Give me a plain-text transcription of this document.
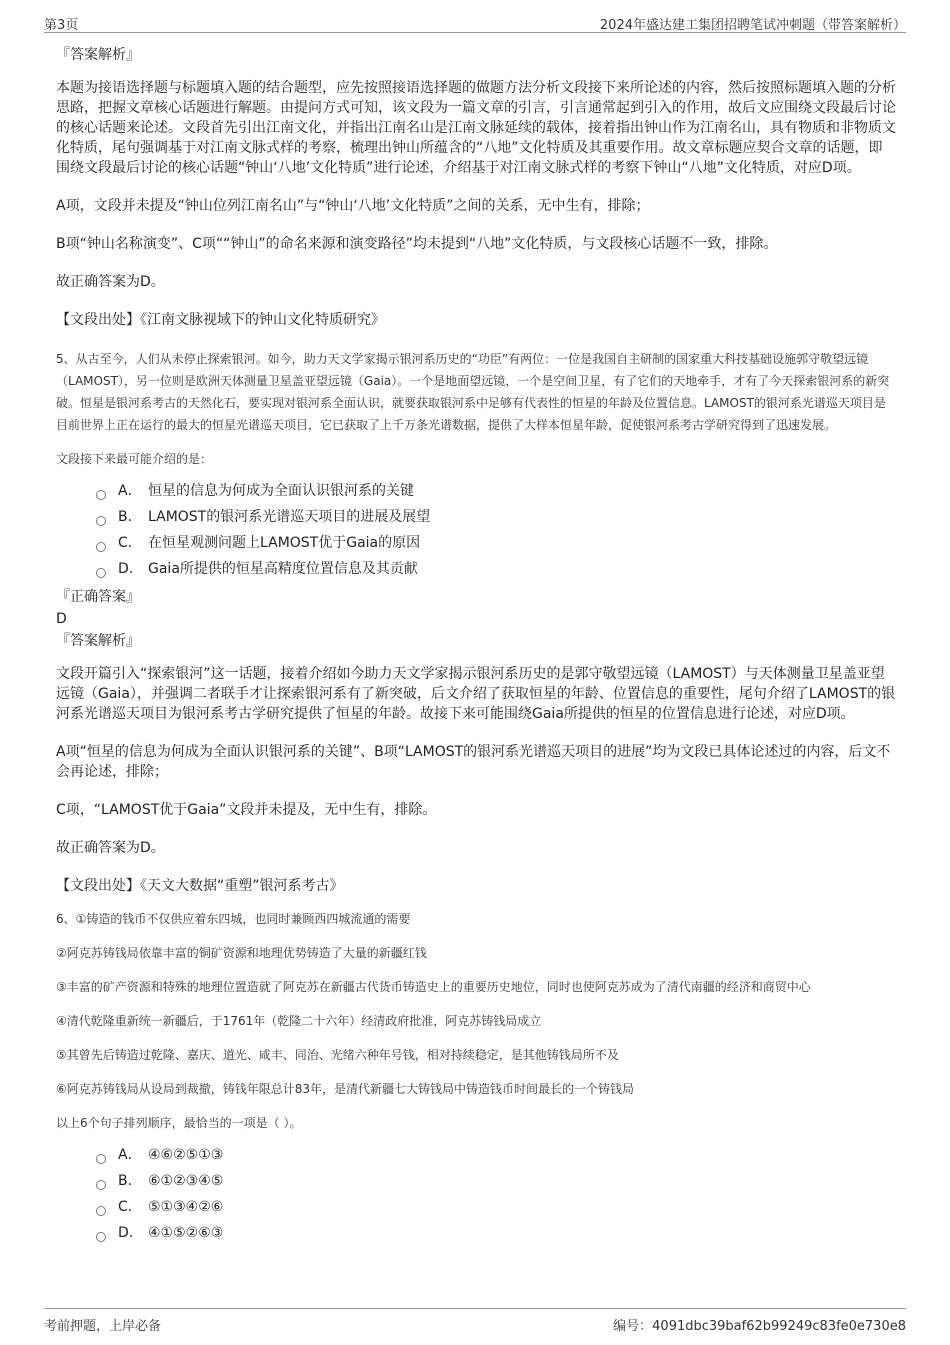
第3页	2024年盛达建工集团招聘笔试冲刺题（带答案解析）
『答案解析』

本题为接语选择题与标题填入题的结合题型，应先按照接语选择题的做题方法分析文段接下来所论述的内容，然后按照标题填入题的分析思路，把握文章核心话题进行解题。由提问方式可知，该文段为一篇文章的引言，引言通常起到引入的作用，故后文应围绕文段最后讨论的核心话题来论述。文段首先引出江南文化，并指出江南名山是江南文脉延续的载体，接着指出钟山作为江南名山，具有物质和非物质文化特质，尾句强调基于对江南文脉式样的考察，梳理出钟山所蕴含的“八地”文化特质及其重要作用。故文章标题应契合文章的话题，即围绕文段最后讨论的核心话题“钟山‘八地’文化特质”进行论述，介绍基于对江南文脉式样的考察下钟山“八地”文化特质，对应D项。

A项，文段并未提及“钟山位列江南名山”与“钟山‘八地’文化特质”之间的关系，无中生有，排除；

B项“钟山名称演变”、C项““钟山”的命名来源和演变路径”均未提到“八地”文化特质，与文段核心话题不一致，排除。

故正确答案为D。

【文段出处】《江南文脉视域下的钟山文化特质研究》

5、从古至今，人们从未停止探索银河。如今，助力天文学家揭示银河系历史的“功臣”有两位：一位是我国自主研制的国家重大科技基础设施郭守敬望远镜（LAMOST），另一位则是欧洲天体测量卫星盖亚望远镜（Gaia）。一个是地面望远镜，一个是空间卫星，有了它们的天地牵手，才有了今天探索银河系的新突破。恒星是银河系考古的天然化石，要实现对银河系全面认识，就要获取银河系中足够有代表性的恒星的年龄及位置信息。LAMOST的银河系光谱巡天项目是目前世界上正在运行的最大的恒星光谱巡天项目，它已获取了上千万条光谱数据，提供了大样本恒星年龄，促使银河系考古学研究得到了迅速发展。

文段接下来最可能介绍的是：

A． 恒星的信息为何成为全面认识银河系的关键
B． LAMOST的银河系光谱巡天项目的进展及展望
C． 在恒星观测问题上LAMOST优于Gaia的原因
D． Gaia所提供的恒星高精度位置信息及其贡献
『正确答案』
D
『答案解析』

文段开篇引入“探索银河”这一话题，接着介绍如今助力天文学家揭示银河系历史的是郭守敬望远镜（LAMOST）与天体测量卫星盖亚望远镜（Gaia），并强调二者联手才让探索银河系有了新突破，后文介绍了获取恒星的年龄、位置信息的重要性，尾句介绍了LAMOST的银河系光谱巡天项目为银河系考古学研究提供了恒星的年龄。故接下来可能围绕Gaia所提供的恒星的位置信息进行论述，对应D项。

A项“恒星的信息为何成为全面认识银河系的关键”、B项“LAMOST的银河系光谱巡天项目的进展”均为文段已具体论述过的内容，后文不会再论述，排除；

C项，“LAMOST优于Gaia”文段并未提及，无中生有，排除。

故正确答案为D。

【文段出处】《天文大数据“重塑”银河系考古》

6、①铸造的钱币不仅供应着东四城，也同时兼顾西四城流通的需要

②阿克苏铸钱局依靠丰富的铜矿资源和地理优势铸造了大量的新疆红钱

③丰富的矿产资源和特殊的地理位置造就了阿克苏在新疆古代货币铸造史上的重要历史地位，同时也使阿克苏成为了清代南疆的经济和商贸中心

④清代乾隆重新统一新疆后，于1761年（乾隆二十六年）经清政府批准，阿克苏铸钱局成立

⑤其曾先后铸造过乾隆、嘉庆、道光、咸丰、同治、光绪六种年号钱，相对持续稳定，是其他铸钱局所不及

⑥阿克苏铸钱局从设局到裁撤，铸钱年限总计83年，是清代新疆七大铸钱局中铸造钱币时间最长的一个铸钱局

以上6个句子排列顺序，最恰当的一项是（ ）。

A． ④⑥②⑤①③
B． ⑥①②③④⑤
C． ⑤①③④②⑥
D． ④①⑤②⑥③
考前押题，上岸必备	编号：4091dbc39baf62b99249c83fe0e730e8
